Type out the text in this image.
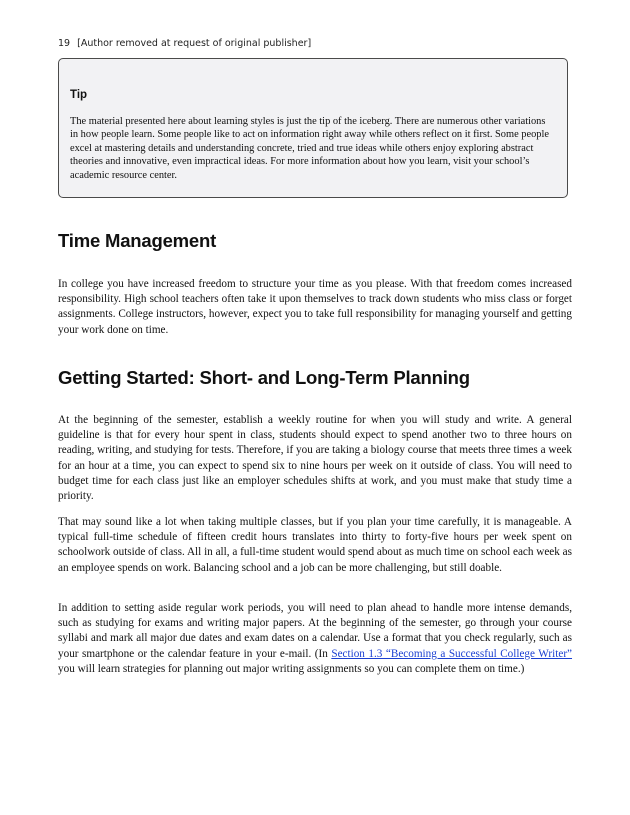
19 [Author removed at request of original publisher]

Tip

The material presented here about learning styles is just the tip of the iceberg. There are numerous other variations in how people learn. Some people like to act on information right away while others reflect on it first. Some people excel at mastering details and understanding concrete, tried and true ideas while others enjoy exploring abstract theories and innovative, even impractical ideas. For more information about how you learn, visit your school’s academic resource center.

Time Management

In college you have increased freedom to structure your time as you please. With that freedom comes increased responsibility. High school teachers often take it upon themselves to track down students who miss class or forget assignments. College instructors, however, expect you to take full responsibility for managing yourself and getting your work done on time.

Getting Started: Short- and Long-Term Planning

At the beginning of the semester, establish a weekly routine for when you will study and write. A general guideline is that for every hour spent in class, students should expect to spend another two to three hours on reading, writing, and studying for tests. Therefore, if you are taking a biology course that meets three times a week for an hour at a time, you can expect to spend six to nine hours per week on it outside of class. You will need to budget time for each class just like an employer schedules shifts at work, and you must make that study time a priority.

That may sound like a lot when taking multiple classes, but if you plan your time carefully, it is manageable. A typical full-time schedule of fifteen credit hours translates into thirty to forty-five hours per week spent on schoolwork outside of class. All in all, a full-time student would spend about as much time on school each week as an employee spends on work. Balancing school and a job can be more challenging, but still doable.

In addition to setting aside regular work periods, you will need to plan ahead to handle more intense demands, such as studying for exams and writing major papers. At the beginning of the semester, go through your course syllabi and mark all major due dates and exam dates on a calendar. Use a format that you check regularly, such as your smartphone or the calendar feature in your e-mail. (In Section 1.3 “Becoming a Successful College Writer” you will learn strategies for planning out major writing assignments so you can complete them on time.)
